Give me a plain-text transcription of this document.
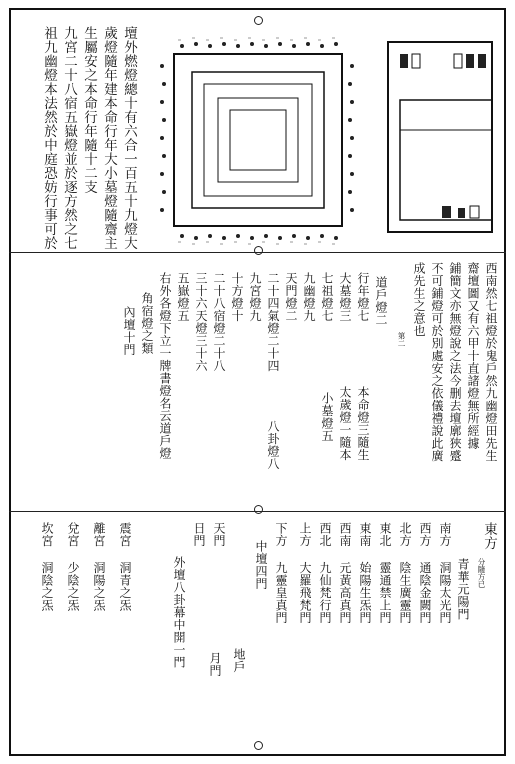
壇外燃燈總十有六合一百五十九燈大
歲燈隨年建本命行年大小墓燈隨齋主
生屬安之本命行年隨十二支
九宮二十八宿五嶽燈並於逐方然之七
祖九幽燈本法然於中庭恐妨行事可於
西南然七祖燈於鬼戶然九幽燈田先生
齋壇圖又有六甲十直諸燈無所經據
鋪簡文亦無燈說之法今删去壇廓狹蹙
不可鋪燈可於別處安之依儀禮說此廣
成先生之意也
第二
道戶燈二
行年燈七
大墓燈三
七祖燈七
九幽燈九
天門燈二
二十四氣燈二十四
九宮燈九
十方燈十
二十八宿燈二十八
三十六天燈三十六
五嶽燈五
右外各燈下立一牌書燈名云道戶燈
角宿燈之類
內壇十門
本命燈三隨生
太歲燈一隨本
小墓燈五
八卦燈八
東方
分隨方已
青華元陽門
南方 洞陽太光門
西方 通陰金闕門
北方 陰生廣靈門
東北 靈通禁上門
東南 始陽生炁門
西南 元黃高真門
西北 九仙梵行門
上方 大羅飛梵門
下方 九靈皇真門
中壇四門
天門
日門
外壇八卦幕中開一門	地戶
月門
震宮 洞青之炁
離宮 洞陽之炁
兌宮 少陰之炁
坎宮 洞陰之炁
